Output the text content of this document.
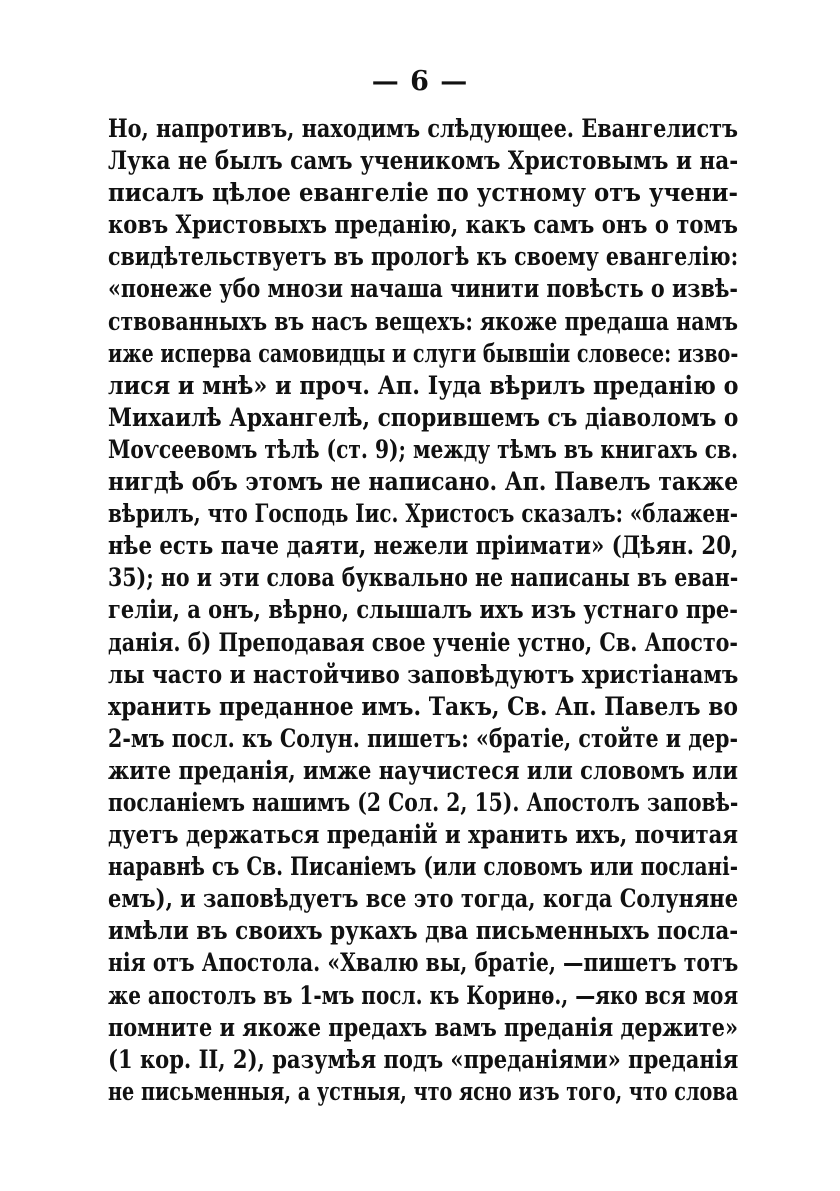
— 6 —
Но, напротивъ, находимъ слѣдующее. Евангелистъ
Лука не былъ самъ ученикомъ Христовымъ и на-
писалъ цѣлое евангеліе по устному отъ учени-
ковъ Христовыхъ преданію, какъ самъ онъ о томъ
свидѣтельствуетъ въ прологѣ къ своему евангелію:
«понеже убо мнози начаша чинити повѣсть о извѣ-
ствованныхъ въ насъ вещехъ: якоже предаша намъ
иже исперва самовидцы и слуги бывшіи словесе: изво-
лися и мнѣ» и проч. Ап. Іуда вѣрилъ преданію о
Михаилѣ Архангелѣ, спорившемъ съ діаволомъ о
Моѵсеевомъ тѣлѣ (ст. 9); между тѣмъ въ книгахъ св.
нигдѣ объ этомъ не написано. Ап. Павелъ также
вѣрилъ, что Господь Іис. Христосъ сказалъ: «блажен-
нѣе есть паче даяти, нежели пріимати» (Дѣян. 20,
35); но и эти слова буквально не написаны въ еван-
геліи, а онъ, вѣрно, слышалъ ихъ изъ устнаго пре-
данія. б) Преподавая свое ученіе устно, Св. Апосто-
лы часто и настойчиво заповѣдуютъ христіанамъ
хранить преданное имъ. Такъ, Св. Ап. Павелъ во
2-мъ посл. къ Солун. пишетъ: «братіе, стойте и дер-
жите преданія, имже научистеся или словомъ или
посланіемъ нашимъ (2 Сол. 2, 15). Апостолъ заповѣ-
дуетъ держаться преданій и хранить ихъ, почитая
наравнѣ съ Св. Писаніемъ (или словомъ или послані-
емъ), и заповѣдуетъ все это тогда, когда Солуняне
имѣли въ своихъ рукахъ два письменныхъ посла-
нія отъ Апостола. «Хвалю вы, братіе, —пишетъ тотъ
же апостолъ въ 1-мъ посл. къ Коринѳ., —яко вся моя
помните и якоже предахъ вамъ преданія держите»
(1 кор. II, 2), разумѣя подъ «преданіями» преданія
не письменныя, а устныя, что ясно изъ того, что слова
